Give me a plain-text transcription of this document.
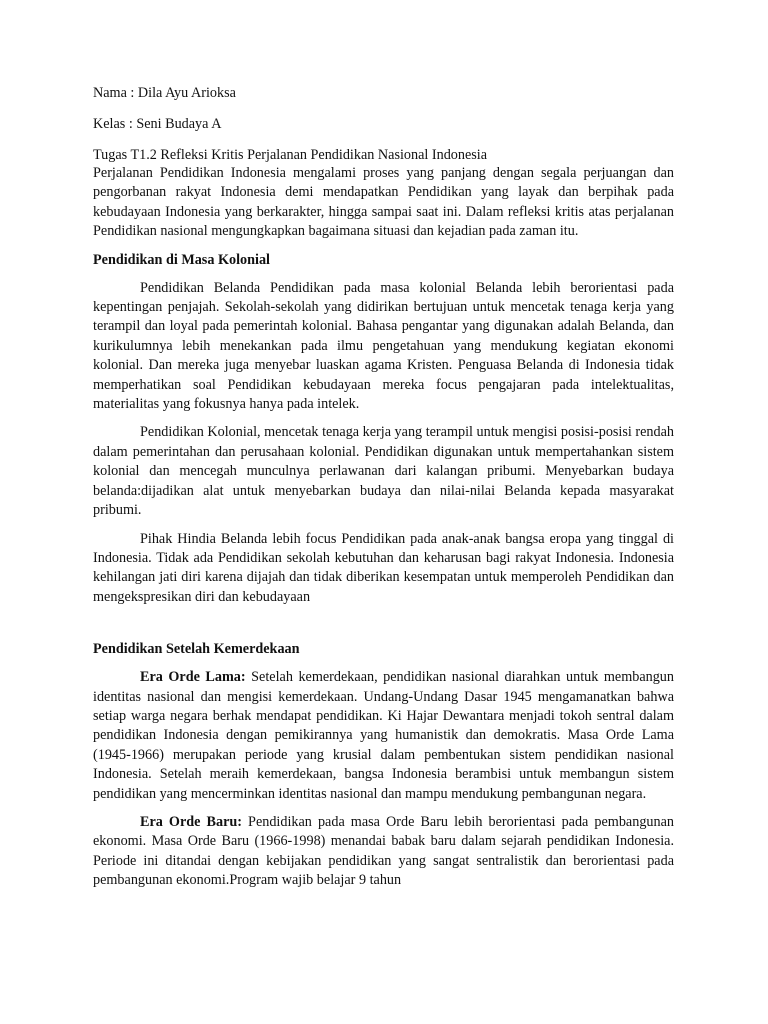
Nama : Dila Ayu Arioksa
Kelas : Seni Budaya A
Tugas T1.2 Refleksi Kritis Perjalanan Pendidikan Nasional Indonesia

Perjalanan Pendidikan Indonesia mengalami proses yang panjang dengan segala perjuangan dan pengorbanan rakyat Indonesia demi mendapatkan Pendidikan yang layak dan berpihak pada kebudayaan Indonesia yang berkarakter, hingga sampai saat ini. Dalam refleksi kritis atas perjalanan Pendidikan nasional mengungkapkan bagaimana situasi dan kejadian pada zaman itu.

Pendidikan di Masa Kolonial

Pendidikan Belanda Pendidikan pada masa kolonial Belanda lebih berorientasi pada kepentingan penjajah. Sekolah-sekolah yang didirikan bertujuan untuk mencetak tenaga kerja yang terampil dan loyal pada pemerintah kolonial. Bahasa pengantar yang digunakan adalah Belanda, dan kurikulumnya lebih menekankan pada ilmu pengetahuan yang mendukung kegiatan ekonomi kolonial. Dan mereka juga menyebar luaskan agama Kristen. Penguasa Belanda di Indonesia tidak memperhatikan soal Pendidikan kebudayaan mereka focus pengajaran pada intelektualitas, materialitas yang fokusnya hanya pada intelek.

Pendidikan Kolonial, mencetak tenaga kerja yang terampil untuk mengisi posisi-posisi rendah dalam pemerintahan dan perusahaan kolonial. Pendidikan digunakan untuk mempertahankan sistem kolonial dan mencegah munculnya perlawanan dari kalangan pribumi. Menyebarkan budaya belanda:dijadikan alat untuk menyebarkan budaya dan nilai-nilai Belanda kepada masyarakat pribumi.

Pihak Hindia Belanda lebih focus Pendidikan pada anak-anak bangsa eropa yang tinggal di Indonesia. Tidak ada Pendidikan sekolah kebutuhan dan keharusan bagi rakyat Indonesia. Indonesia kehilangan jati diri karena dijajah dan tidak diberikan kesempatan untuk memperoleh Pendidikan dan mengekspresikan diri dan kebudayaan

Pendidikan Setelah Kemerdekaan

Era Orde Lama: Setelah kemerdekaan, pendidikan nasional diarahkan untuk membangun identitas nasional dan mengisi kemerdekaan. Undang-Undang Dasar 1945 mengamanatkan bahwa setiap warga negara berhak mendapat pendidikan. Ki Hajar Dewantara menjadi tokoh sentral dalam pendidikan Indonesia dengan pemikirannya yang humanistik dan demokratis. Masa Orde Lama (1945-1966) merupakan periode yang krusial dalam pembentukan sistem pendidikan nasional Indonesia. Setelah meraih kemerdekaan, bangsa Indonesia berambisi untuk membangun sistem pendidikan yang mencerminkan identitas nasional dan mampu mendukung pembangunan negara.

Era Orde Baru: Pendidikan pada masa Orde Baru lebih berorientasi pada pembangunan ekonomi. Masa Orde Baru (1966-1998) menandai babak baru dalam sejarah pendidikan Indonesia. Periode ini ditandai dengan kebijakan pendidikan yang sangat sentralistik dan berorientasi pada pembangunan ekonomi.Program wajib belajar 9 tahun
